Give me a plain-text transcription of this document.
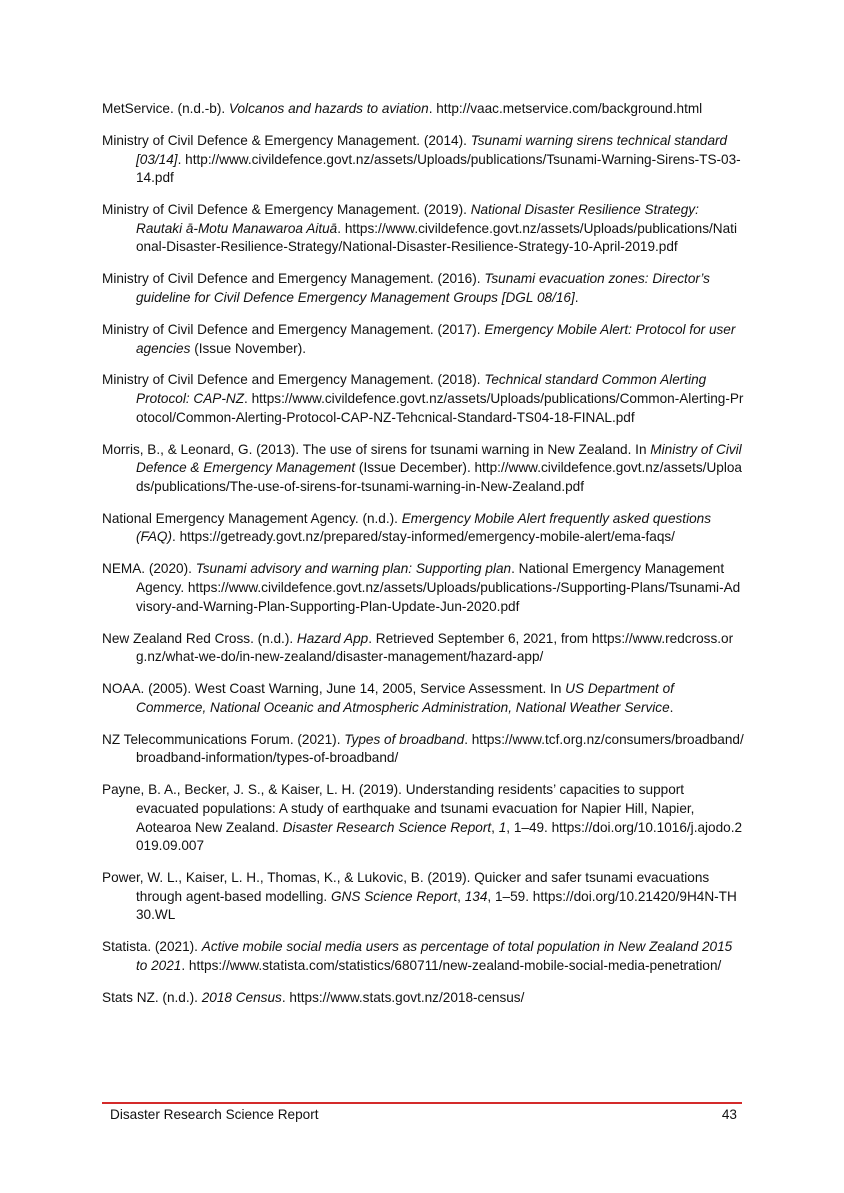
MetService. (n.d.-b). Volcanos and hazards to aviation. http://vaac.metservice.com/background.html

Ministry of Civil Defence & Emergency Management. (2014). Tsunami warning sirens technical standard [03/14]. http://www.civildefence.govt.nz/assets/Uploads/publications/Tsunami-Warning-Sirens-TS-03-14.pdf

Ministry of Civil Defence & Emergency Management. (2019). National Disaster Resilience Strategy: Rautaki ā-Motu Manawaroa Aituā. https://www.civildefence.govt.nz/assets/Uploads/publications/National-Disaster-Resilience-Strategy/National-Disaster-Resilience-Strategy-10-April-2019.pdf

Ministry of Civil Defence and Emergency Management. (2016). Tsunami evacuation zones: Director’s guideline for Civil Defence Emergency Management Groups [DGL 08/16].

Ministry of Civil Defence and Emergency Management. (2017). Emergency Mobile Alert: Protocol for user agencies (Issue November).

Ministry of Civil Defence and Emergency Management. (2018). Technical standard Common Alerting Protocol: CAP-NZ. https://www.civildefence.govt.nz/assets/Uploads/publications/Common-Alerting-Protocol/Common-Alerting-Protocol-CAP-NZ-Tehcnical-Standard-TS04-18-FINAL.pdf

Morris, B., & Leonard, G. (2013). The use of sirens for tsunami warning in New Zealand. In Ministry of Civil Defence & Emergency Management (Issue December). http://www.civildefence.govt.nz/assets/Uploads/publications/The-use-of-sirens-for-tsunami-warning-in-New-Zealand.pdf

National Emergency Management Agency. (n.d.). Emergency Mobile Alert frequently asked questions (FAQ). https://getready.govt.nz/prepared/stay-informed/emergency-mobile-alert/ema-faqs/

NEMA. (2020). Tsunami advisory and warning plan: Supporting plan. National Emergency Management Agency. https://www.civildefence.govt.nz/assets/Uploads/publications-/Supporting-Plans/Tsunami-Advisory-and-Warning-Plan-Supporting-Plan-Update-Jun-2020.pdf

New Zealand Red Cross. (n.d.). Hazard App. Retrieved September 6, 2021, from https://www.redcross.org.nz/what-we-do/in-new-zealand/disaster-management/hazard-app/

NOAA. (2005). West Coast Warning, June 14, 2005, Service Assessment. In US Department of Commerce, National Oceanic and Atmospheric Administration, National Weather Service.

NZ Telecommunications Forum. (2021). Types of broadband. https://www.tcf.org.nz/consumers/broadband/broadband-information/types-of-broadband/

Payne, B. A., Becker, J. S., & Kaiser, L. H. (2019). Understanding residents’ capacities to support evacuated populations: A study of earthquake and tsunami evacuation for Napier Hill, Napier, Aotearoa New Zealand. Disaster Research Science Report, 1, 1–49. https://doi.org/10.1016/j.ajodo.2019.09.007

Power, W. L., Kaiser, L. H., Thomas, K., & Lukovic, B. (2019). Quicker and safer tsunami evacuations through agent-based modelling. GNS Science Report, 134, 1–59. https://doi.org/10.21420/9H4N-TH30.WL

Statista. (2021). Active mobile social media users as percentage of total population in New Zealand 2015 to 2021. https://www.statista.com/statistics/680711/new-zealand-mobile-social-media-penetration/

Stats NZ. (n.d.). 2018 Census. https://www.stats.govt.nz/2018-census/

Disaster Research Science Report	43
